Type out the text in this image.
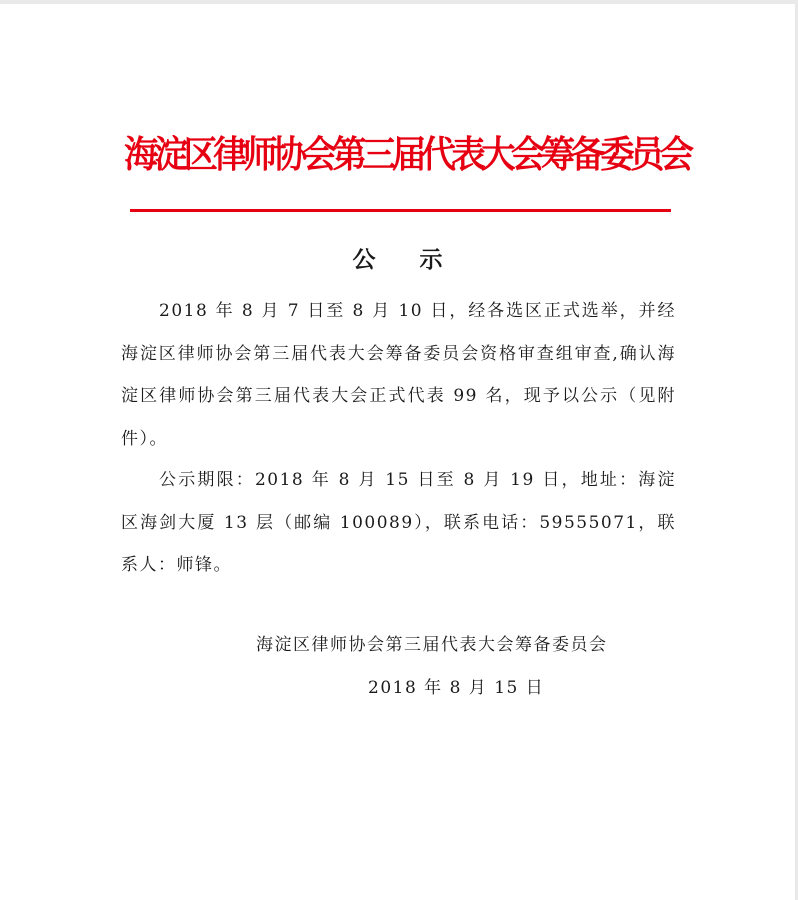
海淀区律师协会第三届代表大会筹备委员会
公 示

2018 年 8 月 7 日至 8 月 10 日，经各选区正式选举，并经海淀区律师协会第三届代表大会筹备委员会资格审查组审查,确认海淀区律师协会第三届代表大会正式代表 99 名，现予以公示（见附件）。

公示期限：2018 年 8 月 15 日至 8 月 19 日，地址：海淀区海剑大厦 13 层（邮编 100089），联系电话：59555071，联系人：师锋。

海淀区律师协会第三届代表大会筹备委员会
2018 年 8 月 15 日
